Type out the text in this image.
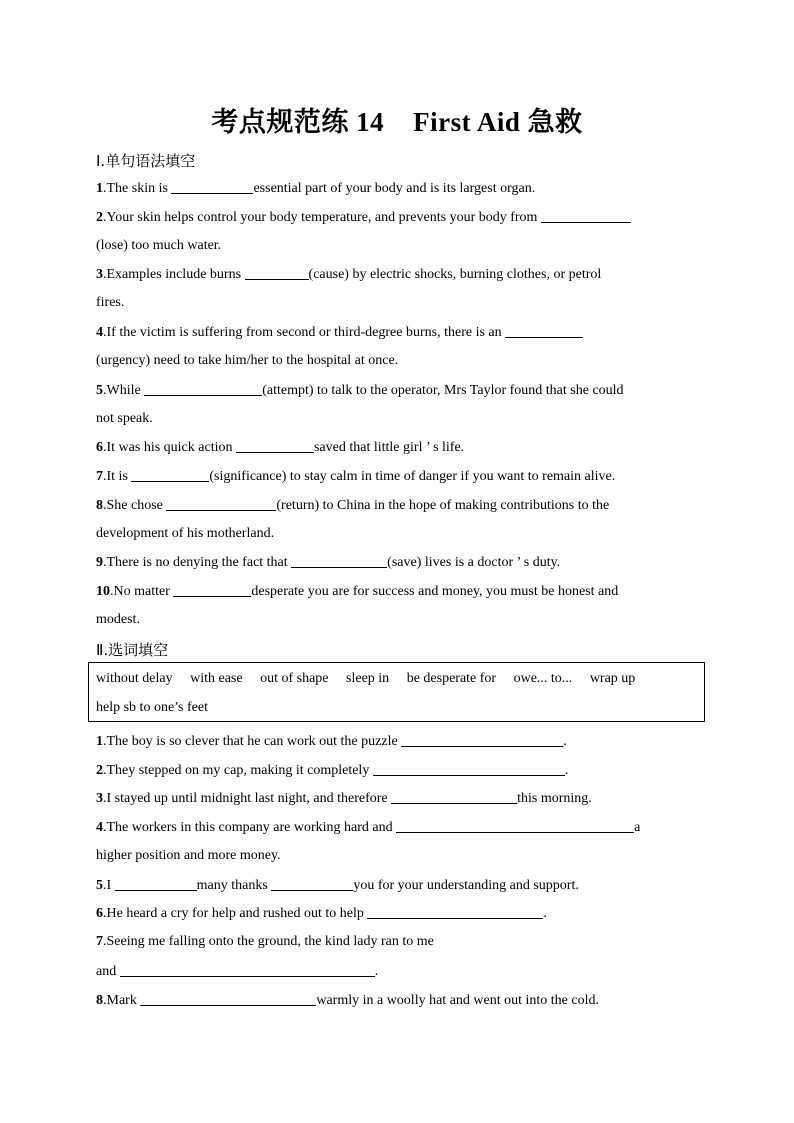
考点规范练 14    First Aid 急救
Ⅰ.单句语法填空
1.The skin is	essential part of your body and is its largest organ.
2.Your skin helps control your body temperature, and prevents your body from
(lose) too much water.
3.Examples include burns	(cause) by electric shocks, burning clothes, or petrol
fires.
4.If the victim is suffering from second or third-degree burns, there is an
(urgency) need to take him/her to the hospital at once.
5.While	(attempt) to talk to the operator, Mrs Taylor found that she could
not speak.
6.It was his quick action	saved that little girl ’ s life.
7.It is	(significance) to stay calm in time of danger if you want to remain alive.
8.She chose	(return) to China in the hope of making contributions to the
development of his motherland.
9.There is no denying the fact that	(save) lives is a doctor ’ s duty.
10.No matter	desperate you are for success and money, you must be honest and
modest.
Ⅱ.选词填空
without delay with ease out of shape sleep in be desperate for owe... to... wrap up
help sb to one’s feet
1.The boy is so clever that he can work out the puzzle	.
2.They stepped on my cap, making it completely	.
3.I stayed up until midnight last night, and therefore	this morning.
4.The workers in this company are working hard and	a
higher position and more money.
5.I	many thanks	you for your understanding and support.
6.He heard a cry for help and rushed out to help	.
7.Seeing me falling onto the ground, the kind lady ran to me
and	.
8.Mark	warmly in a woolly hat and went out into the cold.
